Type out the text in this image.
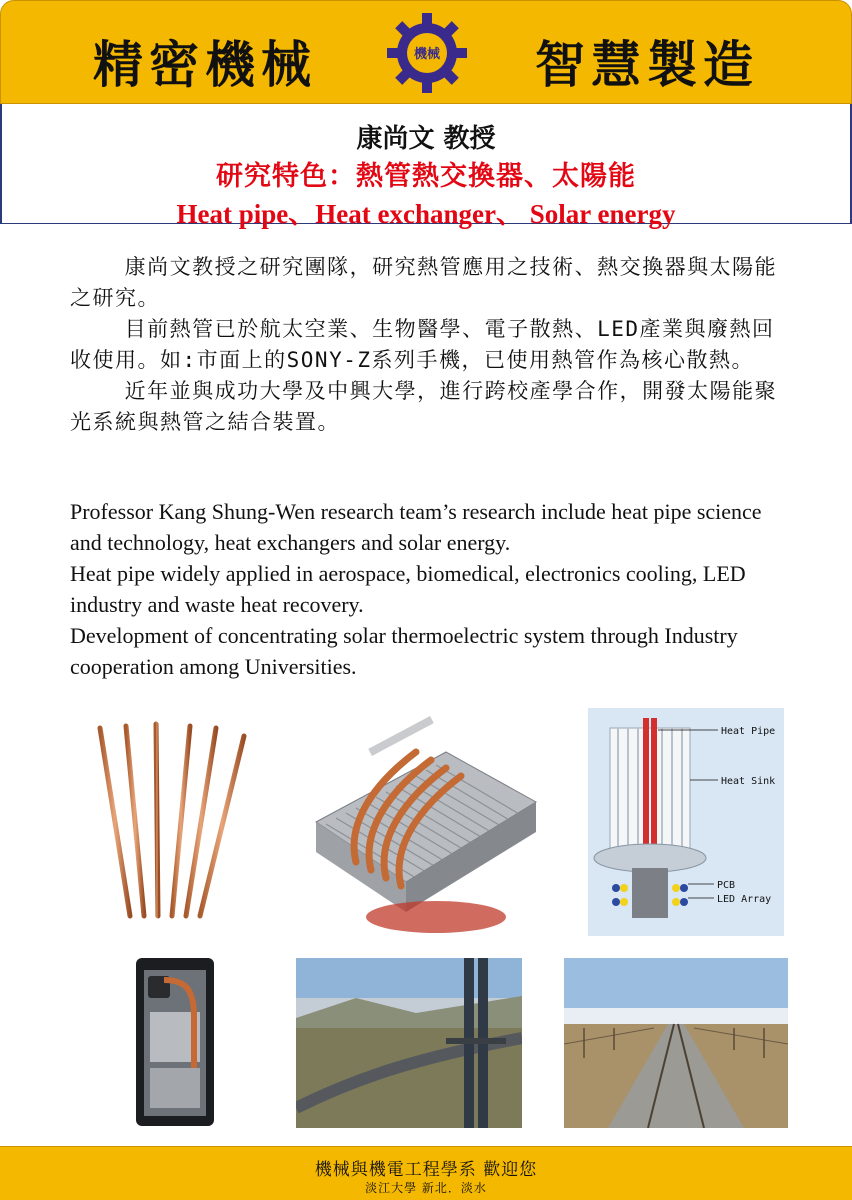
精密機械	機械 智慧製造
康尚文 教授
研究特色：熱管熱交換器、太陽能
Heat pipe、Heat exchanger、 Solar energy

康尚文教授之研究團隊，研究熱管應用之技術、熱交換器與太陽能之研究。

目前熱管已於航太空業、生物醫學、電子散熱、LED產業與廢熱回收使用。如:市面上的SONY-Z系列手機，已使用熱管作為核心散熱。

近年並與成功大學及中興大學，進行跨校產學合作，開發太陽能聚光系統與熱管之結合裝置。

Professor Kang Shung-Wen research team’s research include heat pipe science and technology, heat exchangers and solar energy.

Heat pipe widely applied in aerospace, biomedical, electronics cooling, LED industry and waste heat recovery.

Development of concentrating solar thermoelectric system through Industry cooperation among Universities.

Heat Pipe
Heat Sink
PCB
LED Array
機械與機電工程學系 歡迎您
淡江大學 新北．淡水
